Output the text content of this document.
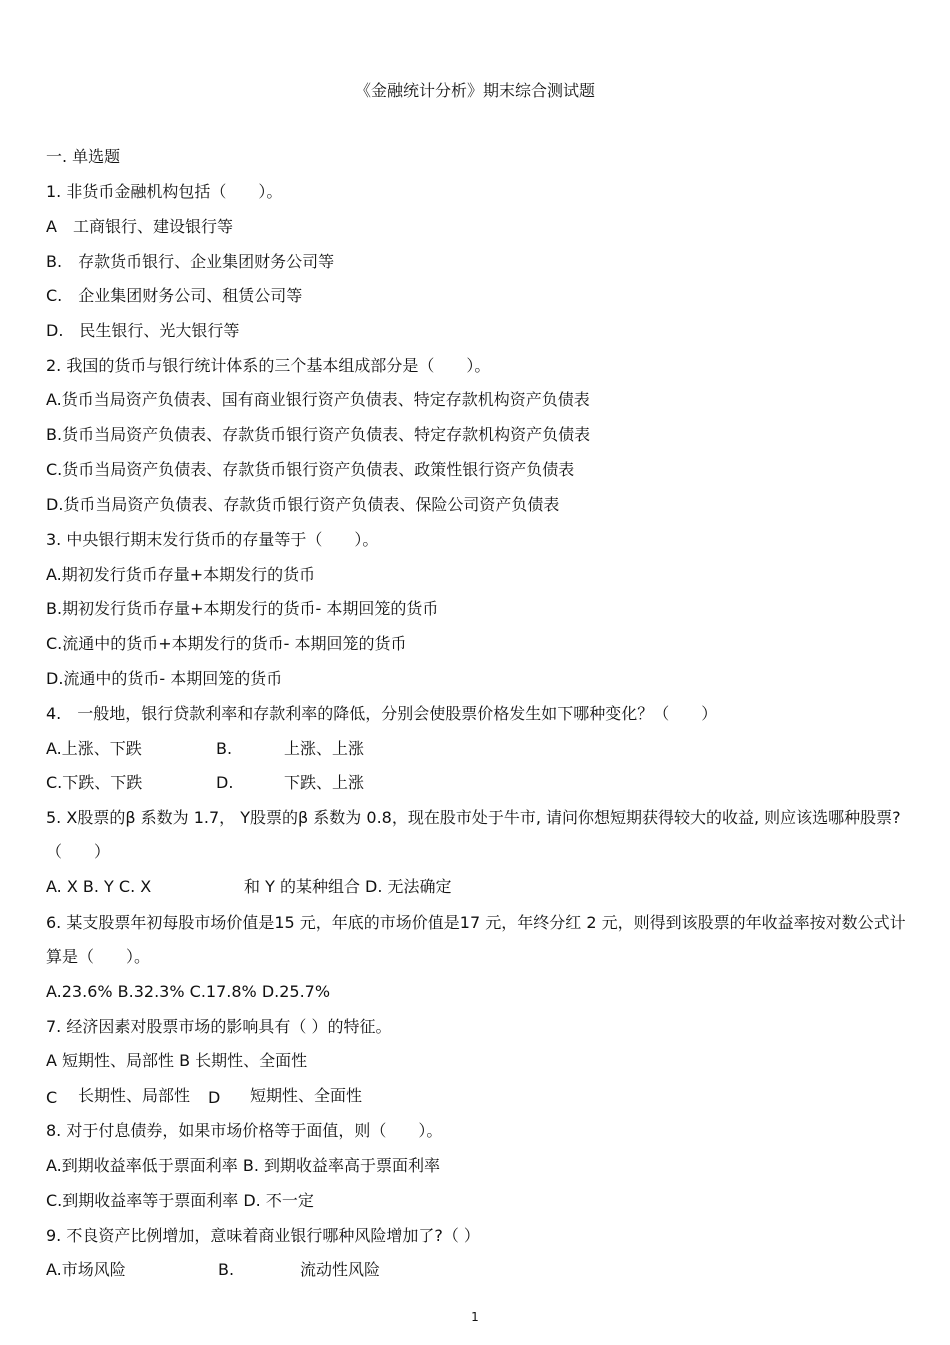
《金融统计分析》期末综合测试题
一. 单选题
1. 非货币金融机构包括（　　）。
A　工商银行、建设银行等
B.　存款货币银行、企业集团财务公司等
C.　企业集团财务公司、租赁公司等
D.　民生银行、光大银行等
2. 我国的货币与银行统计体系的三个基本组成部分是（　　）。
A.货币当局资产负债表、国有商业银行资产负债表、特定存款机构资产负债表
B.货币当局资产负债表、存款货币银行资产负债表、特定存款机构资产负债表
C.货币当局资产负债表、存款货币银行资产负债表、政策性银行资产负债表
D.货币当局资产负债表、存款货币银行资产负债表、保险公司资产负债表
3. 中央银行期末发行货币的存量等于（　　）。
A.期初发行货币存量+本期发行的货币
B.期初发行货币存量+本期发行的货币- 本期回笼的货币
C.流通中的货币+本期发行的货币- 本期回笼的货币
D.流通中的货币- 本期回笼的货币
4.　一般地，银行贷款利率和存款利率的降低，分别会使股票价格发生如下哪种变化？（　　）
A.上涨、下跌	B.	上涨、上涨
C.下跌、下跌	D.	下跌、上涨
5. X股票的β 系数为 1.7， Y股票的β 系数为 0.8，现在股市处于牛市, 请问你想短期获得较大的收益, 则应该选哪种股票?（　　）
A. X B. Y C. X	和 Y 的某种组合 D. 无法确定
6. 某支股票年初每股市场价值是15 元，年底的市场价值是17 元，年终分红 2 元，则得到该股票的年收益率按对数公式计算是（　　）。
A.23.6% B.32.3% C.17.8% D.25.7%
7. 经济因素对股票市场的影响具有（ ）的特征。
A 短期性、局部性 B 长期性、全面性
C 长期性、局部性 D 短期性、全面性
8. 对于付息债券，如果市场价格等于面值，则（　　）。
A.到期收益率低于票面利率 B. 到期收益率高于票面利率
C.到期收益率等于票面利率 D. 不一定
9. 不良资产比例增加，意味着商业银行哪种风险增加了?（ ）
A.市场风险	B.	流动性风险
1
